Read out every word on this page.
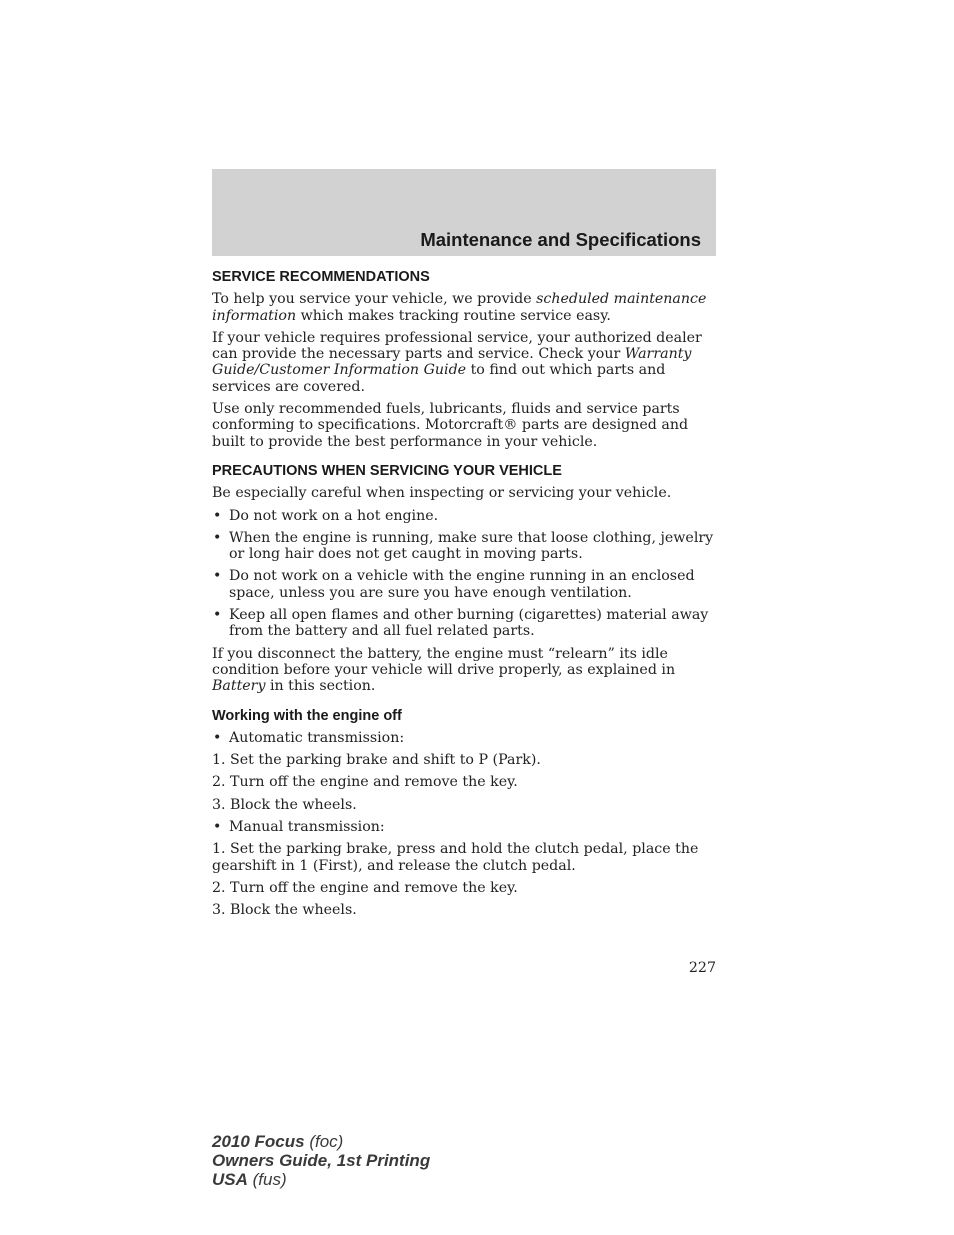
Maintenance and Specifications
SERVICE RECOMMENDATIONS

To help you service your vehicle, we provide scheduled maintenance information which makes tracking routine service easy.

If your vehicle requires professional service, your authorized dealer can provide the necessary parts and service. Check your Warranty Guide/Customer Information Guide to find out which parts and services are covered.

Use only recommended fuels, lubricants, fluids and service parts conforming to specifications. Motorcraft® parts are designed and built to provide the best performance in your vehicle.

PRECAUTIONS WHEN SERVICING YOUR VEHICLE

Be especially careful when inspecting or servicing your vehicle.

• Do not work on a hot engine.
• When the engine is running, make sure that loose clothing, jewelry or long hair does not get caught in moving parts.
• Do not work on a vehicle with the engine running in an enclosed space, unless you are sure you have enough ventilation.
• Keep all open flames and other burning (cigarettes) material away from the battery and all fuel related parts.

If you disconnect the battery, the engine must “relearn” its idle condition before your vehicle will drive properly, as explained in Battery in this section.

Working with the engine off
• Automatic transmission:
1. Set the parking brake and shift to P (Park).
2. Turn off the engine and remove the key.
3. Block the wheels.
• Manual transmission:
1. Set the parking brake, press and hold the clutch pedal, place the gearshift in 1 (First), and release the clutch pedal.
2. Turn off the engine and remove the key.
3. Block the wheels.
227
2010 Focus (foc)
Owners Guide, 1st Printing
USA (fus)
